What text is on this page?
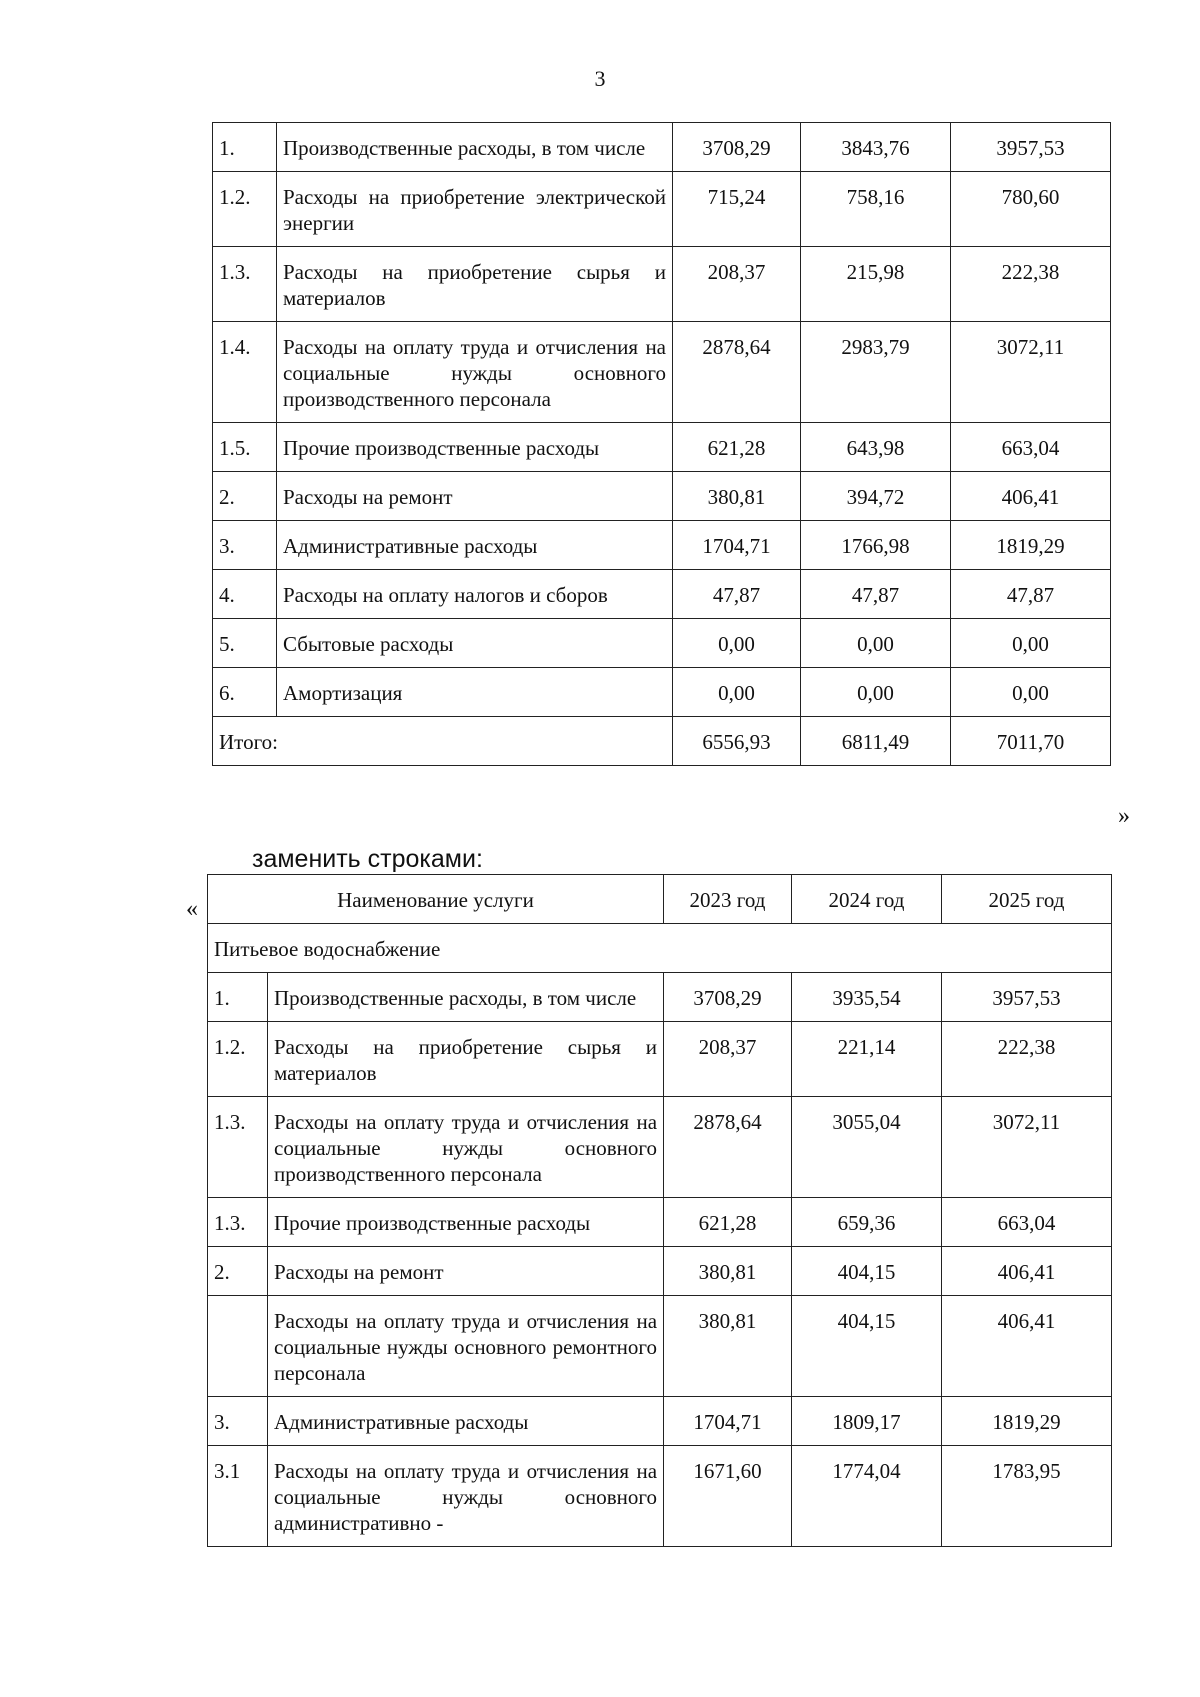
3
1.	Производственные расходы, в том числе	3708,29	3843,76	3957,53
1.2.	Расходы на приобретение электрической энергии	715,24	758,16	780,60
1.3.	Расходы на приобретение сырья и материалов	208,37	215,98	222,38
1.4.	Расходы на оплату труда и отчисления на социальные нужды основного производственного персонала	2878,64	2983,79	3072,11
1.5.	Прочие производственные расходы	621,28	643,98	663,04
2.	Расходы на ремонт	380,81	394,72	406,41
3.	Административные расходы	1704,71	1766,98	1819,29
4.	Расходы на оплату налогов и сборов	47,87	47,87	47,87
5.	Сбытовые расходы	0,00	0,00	0,00
6.	Амортизация	0,00	0,00	0,00
Итого:		6556,93	6811,49	7011,70
»
заменить строками:
«	Наименование услуги		2023 год	2024 год	2025 год
Питьевое водоснабжение				
1.	Производственные расходы, в том числе	3708,29	3935,54	3957,53
1.2.	Расходы на приобретение сырья и материалов	208,37	221,14	222,38
1.3.	Расходы на оплату труда и отчисления на социальные нужды основного производственного персонала	2878,64	3055,04	3072,11
1.3.	Прочие производственные расходы	621,28	659,36	663,04
2.	Расходы на ремонт	380,81	404,15	406,41
	Расходы на оплату труда и отчисления на социальные нужды основного ремонтного персонала	380,81	404,15	406,41
3.	Административные расходы	1704,71	1809,17	1819,29
3.1	Расходы на оплату труда и отчисления на социальные нужды основного административно -	1671,60	1774,04	1783,95
